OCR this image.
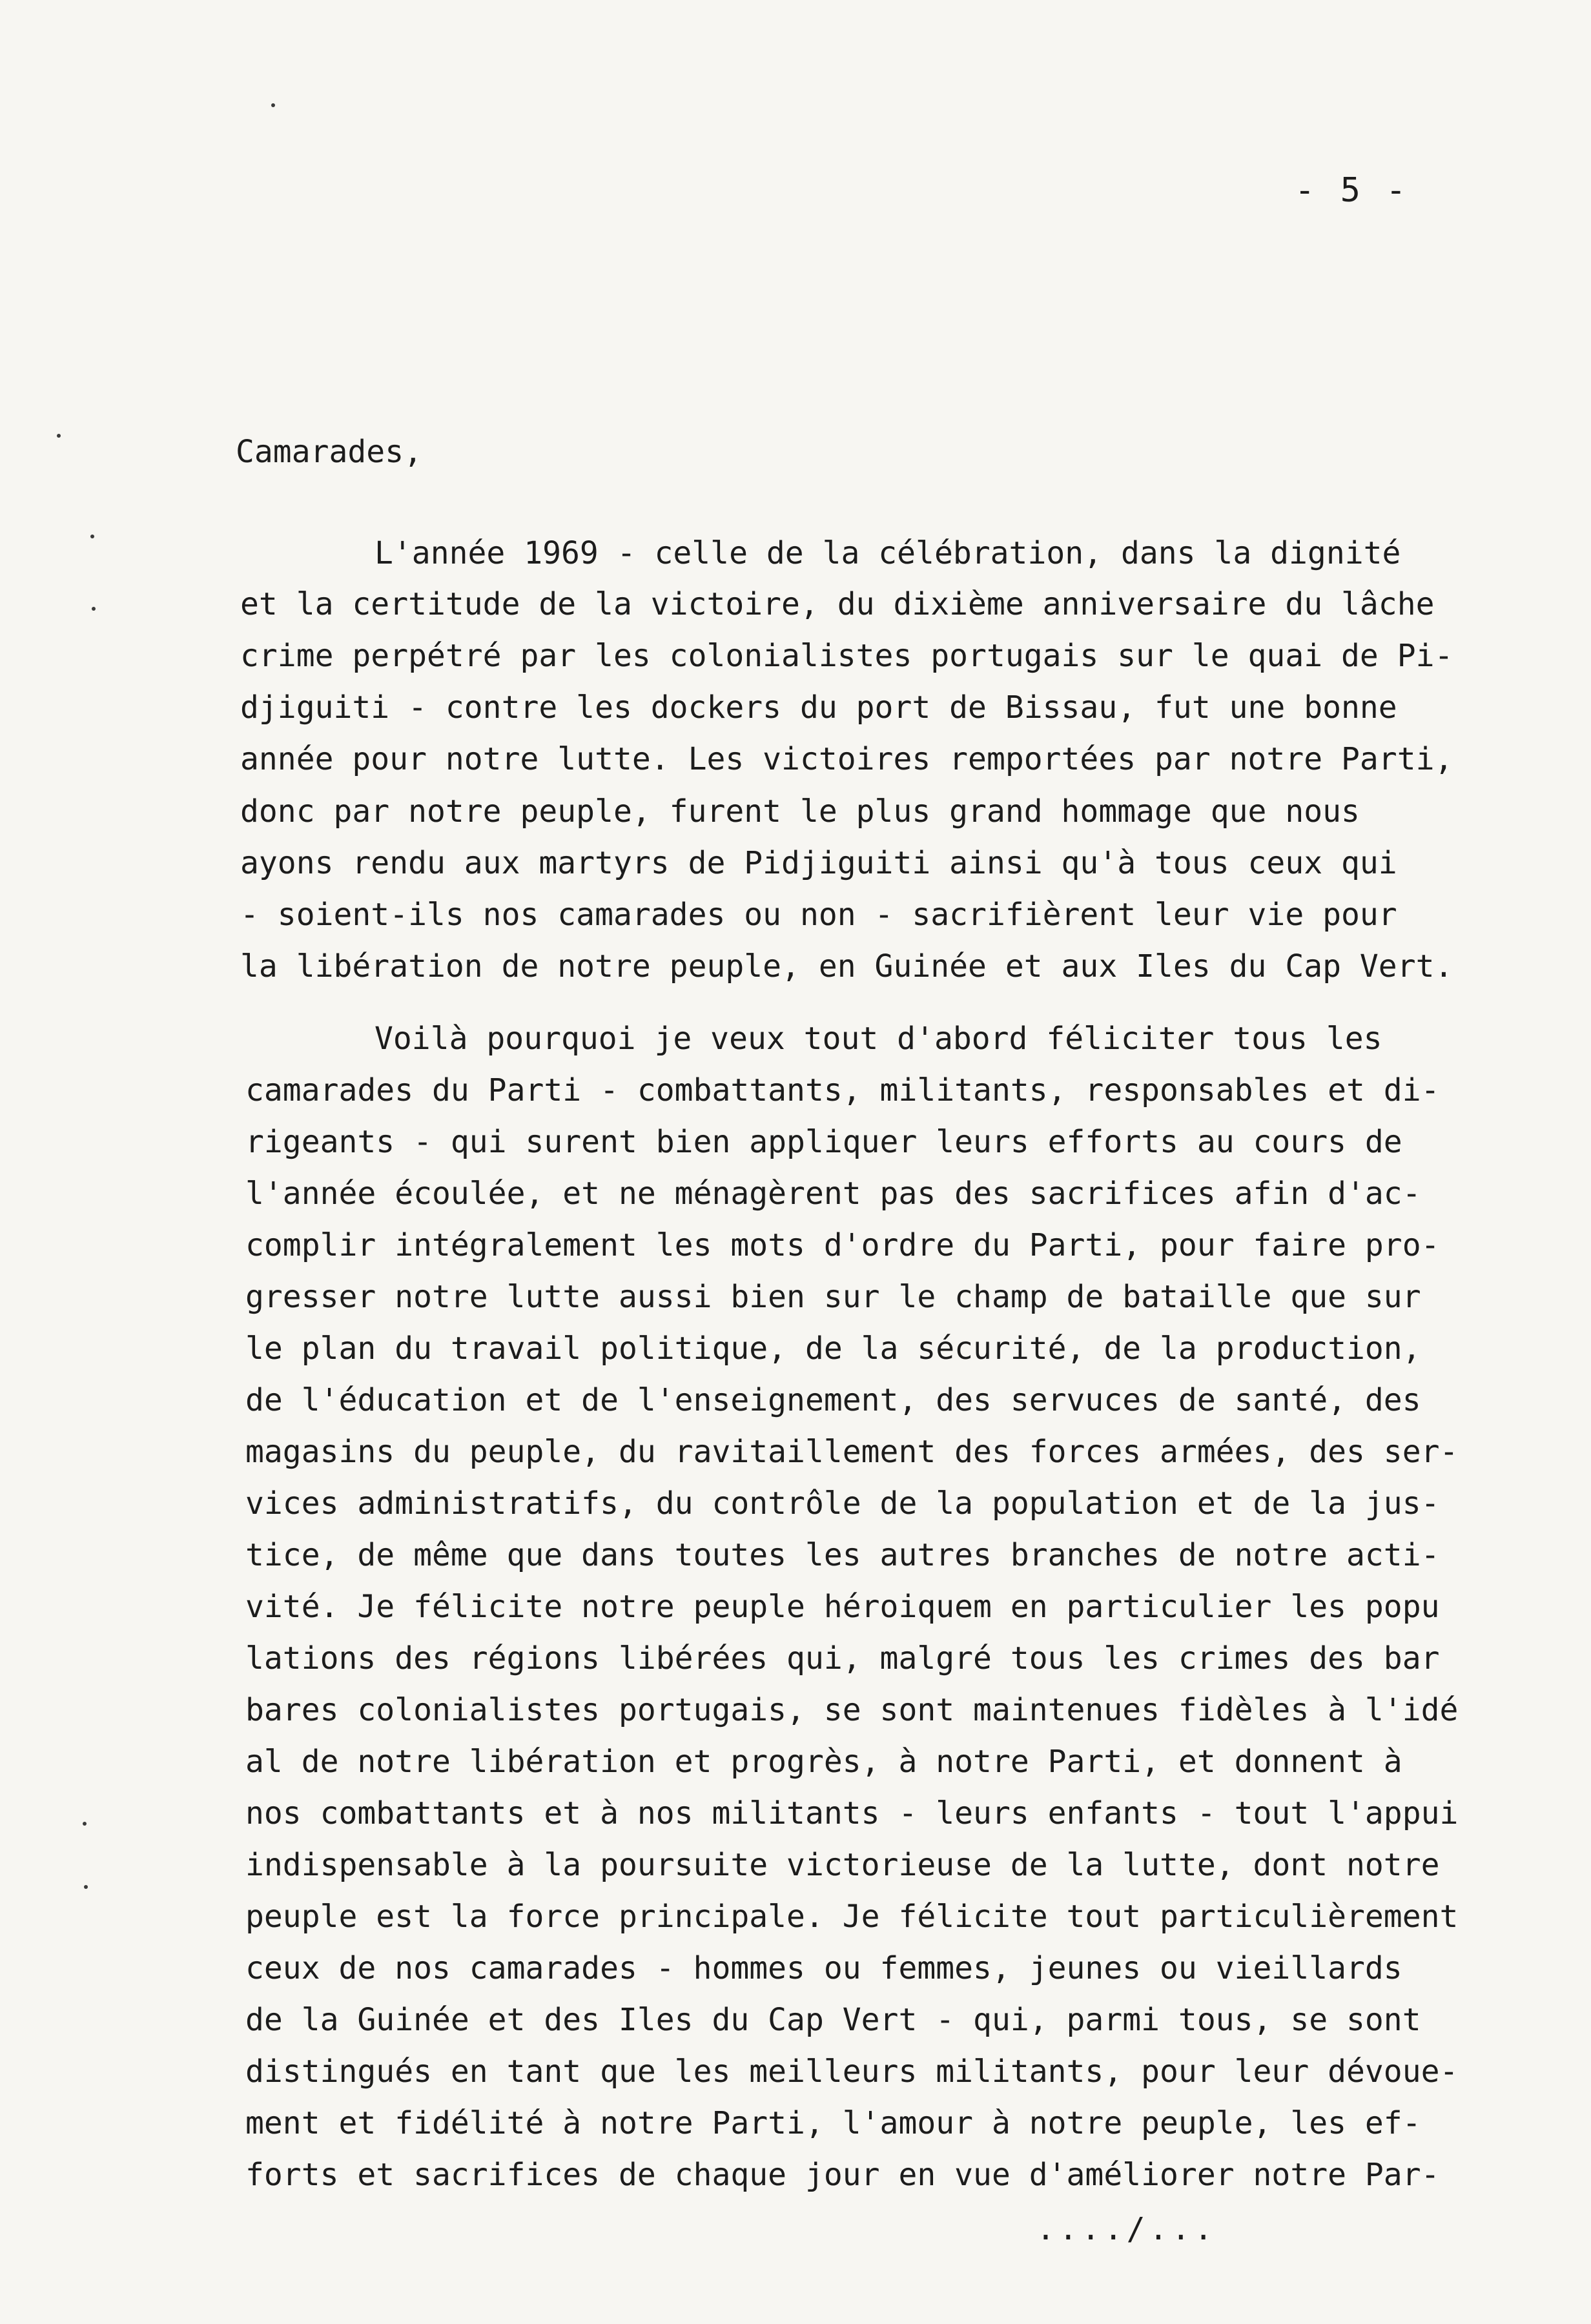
- 5 -
Camarades,
L'année 1969 - celle de la célébration, dans la dignité
et la certitude de la victoire, du dixième anniversaire du lâche
crime perpétré par les colonialistes portugais sur le quai de Pi-
djiguiti - contre les dockers du port de Bissau, fut une bonne
année pour notre lutte. Les victoires remportées par notre Parti,
donc par notre peuple, furent le plus grand hommage que nous
ayons rendu aux martyrs de Pidjiguiti ainsi qu'à tous ceux qui
- soient-ils nos camarades ou non - sacrifièrent leur vie pour
la libération de notre peuple, en Guinée et aux Iles du Cap Vert.
Voilà pourquoi je veux tout d'abord féliciter tous les
camarades du Parti - combattants, militants, responsables et di-
rigeants - qui surent bien appliquer leurs efforts au cours de
l'année écoulée, et ne ménagèrent pas des sacrifices afin d'ac-
complir intégralement les mots d'ordre du Parti, pour faire pro-
gresser notre lutte aussi bien sur le champ de bataille que sur
le plan du travail politique, de la sécurité, de la production,
de l'éducation et de l'enseignement, des servuces de santé, des
magasins du peuple, du ravitaillement des forces armées, des ser-
vices administratifs, du contrôle de la population et de la jus-
tice, de même que dans toutes les autres branches de notre acti-
vité. Je félicite notre peuple héroiquem en particulier les popu
lations des régions libérées qui, malgré tous les crimes des bar
bares colonialistes portugais, se sont maintenues fidèles à l'idé
al de notre libération et progrès, à notre Parti, et donnent à
nos combattants et à nos militants - leurs enfants - tout l'appui
indispensable à la poursuite victorieuse de la lutte, dont notre
peuple est la force principale. Je félicite tout particulièrement
ceux de nos camarades - hommes ou femmes, jeunes ou vieillards
de la Guinée et des Iles du Cap Vert - qui, parmi tous, se sont
distingués en tant que les meilleurs militants, pour leur dévoue-
ment et fidélité à notre Parti, l'amour à notre peuple, les ef-
forts et sacrifices de chaque jour en vue d'améliorer notre Par-
..../...
